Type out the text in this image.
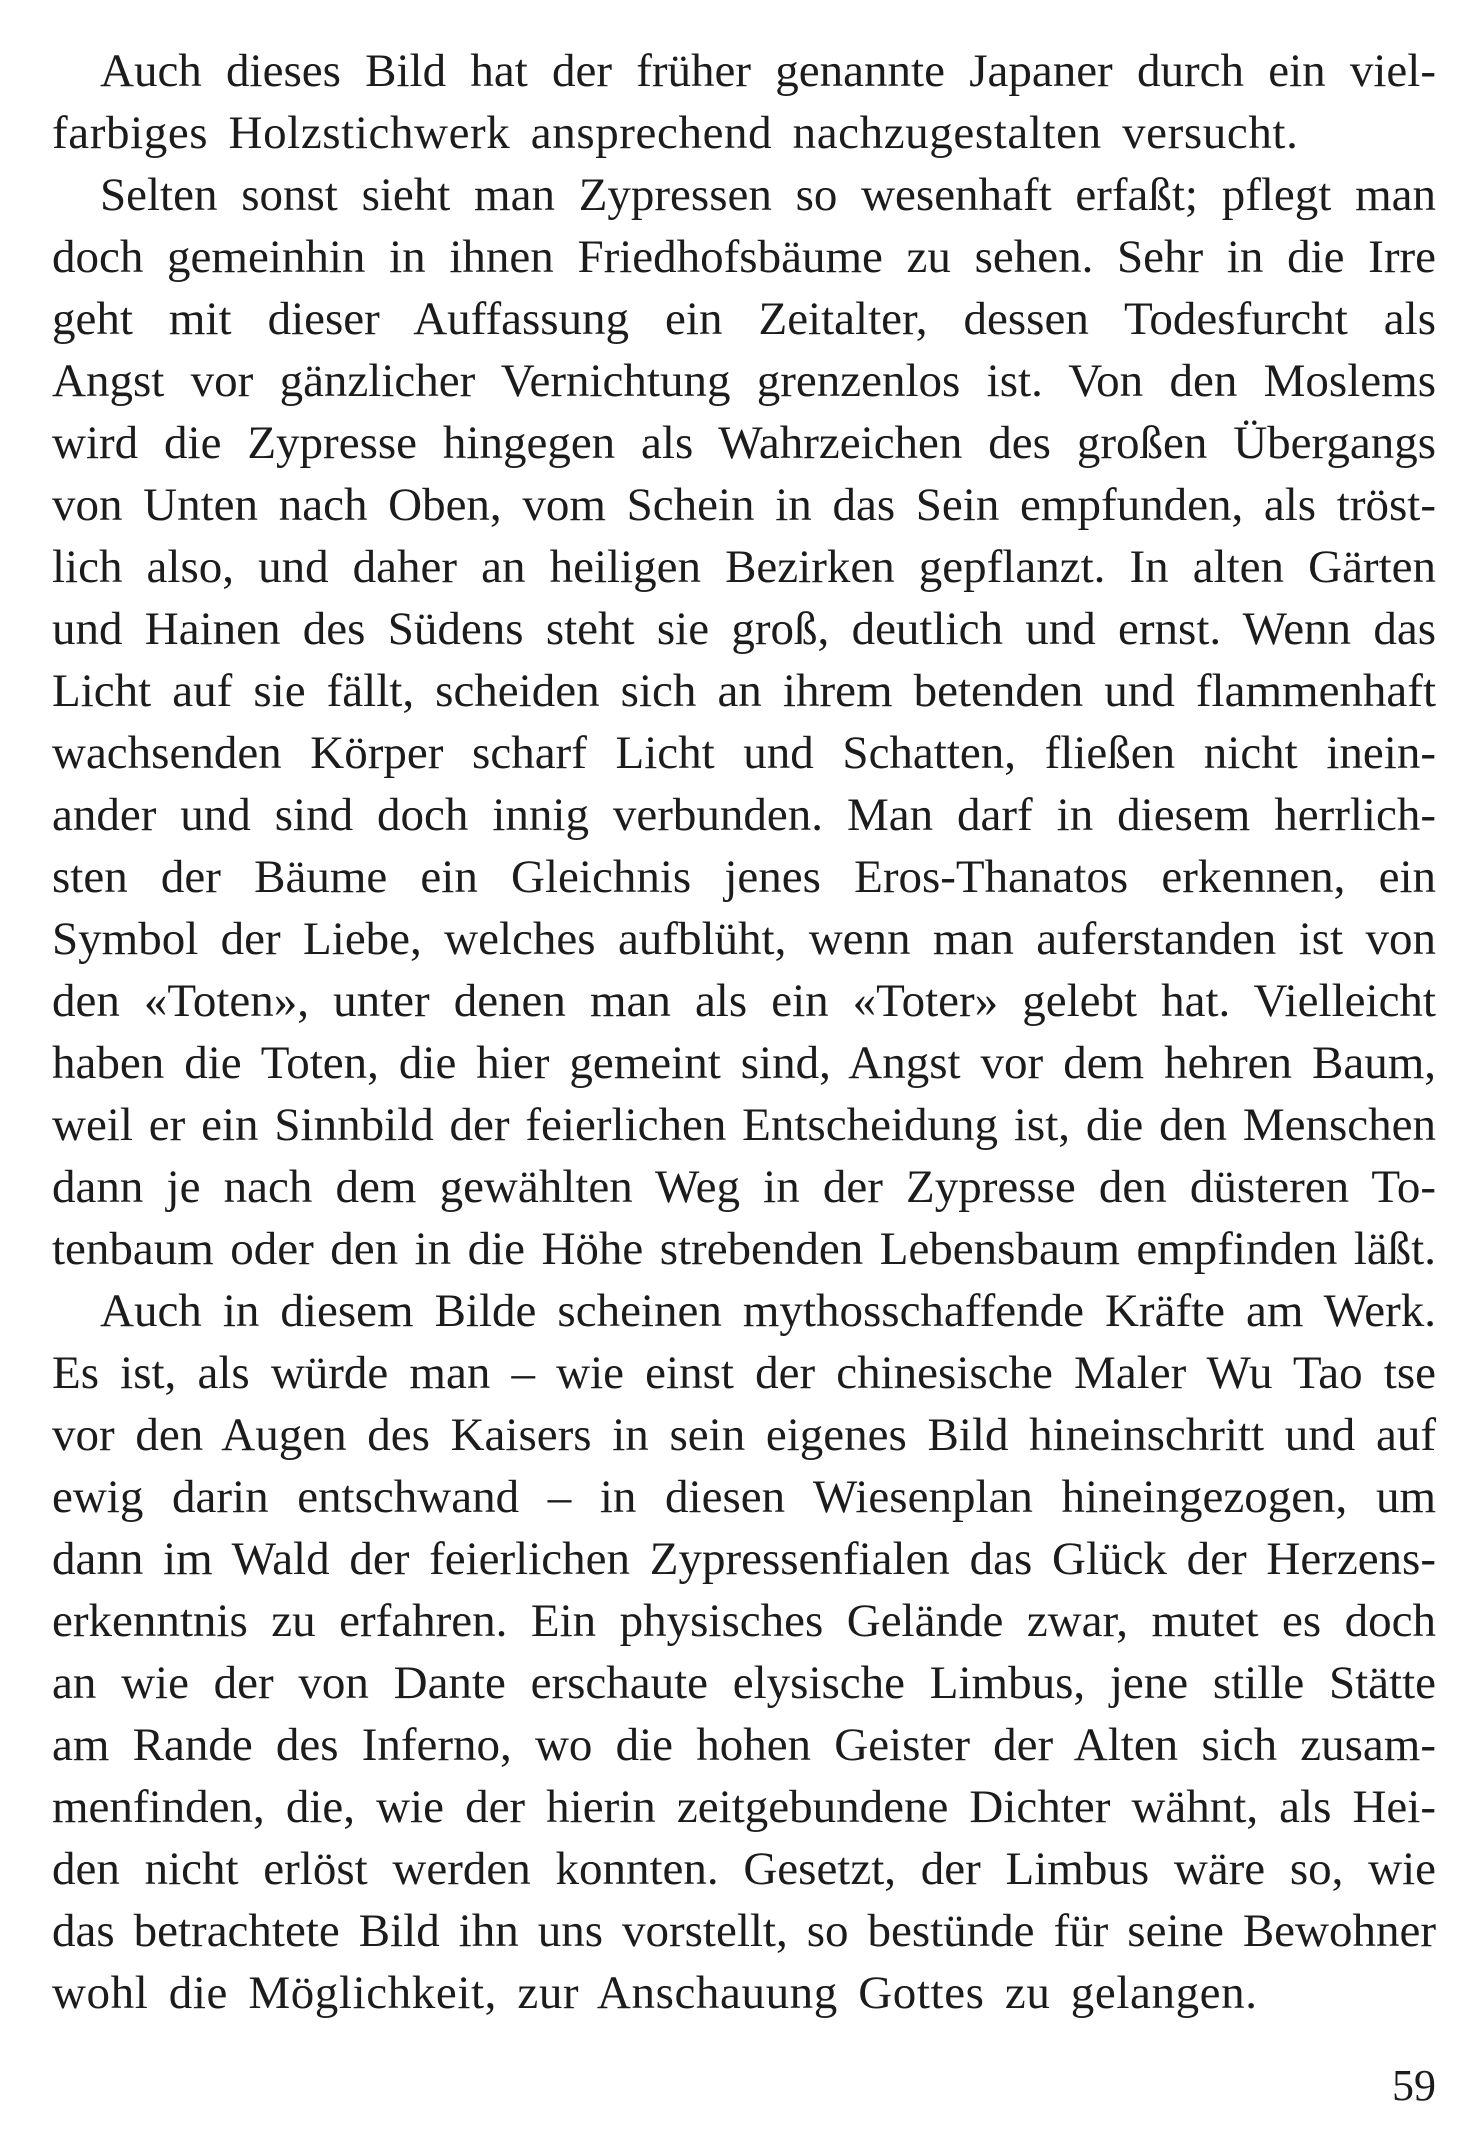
Auch dieses Bild hat der früher genannte Japaner durch ein viel-
farbiges Holzstichwerk ansprechend nachzugestalten versucht.
Selten sonst sieht man Zypressen so wesenhaft erfaßt; pflegt man
doch gemeinhin in ihnen Friedhofsbäume zu sehen. Sehr in die Irre
geht mit dieser Auffassung ein Zeitalter, dessen Todesfurcht als
Angst vor gänzlicher Vernichtung grenzenlos ist. Von den Moslems
wird die Zypresse hingegen als Wahrzeichen des großen Übergangs
von Unten nach Oben, vom Schein in das Sein empfunden, als tröst-
lich also, und daher an heiligen Bezirken gepflanzt. In alten Gärten
und Hainen des Südens steht sie groß, deutlich und ernst. Wenn das
Licht auf sie fällt, scheiden sich an ihrem betenden und flammenhaft
wachsenden Körper scharf Licht und Schatten, fließen nicht inein-
ander und sind doch innig verbunden. Man darf in diesem herrlich-
sten der Bäume ein Gleichnis jenes Eros-Thanatos erkennen, ein
Symbol der Liebe, welches aufblüht, wenn man auferstanden ist von
den «Toten», unter denen man als ein «Toter» gelebt hat. Vielleicht
haben die Toten, die hier gemeint sind, Angst vor dem hehren Baum,
weil er ein Sinnbild der feierlichen Entscheidung ist, die den Menschen
dann je nach dem gewählten Weg in der Zypresse den düsteren To-
tenbaum oder den in die Höhe strebenden Lebensbaum empfinden läßt.
Auch in diesem Bilde scheinen mythosschaffende Kräfte am Werk.
Es ist, als würde man – wie einst der chinesische Maler Wu Tao tse
vor den Augen des Kaisers in sein eigenes Bild hineinschritt und auf
ewig darin entschwand – in diesen Wiesenplan hineingezogen, um
dann im Wald der feierlichen Zypressenfialen das Glück der Herzens-
erkenntnis zu erfahren. Ein physisches Gelände zwar, mutet es doch
an wie der von Dante erschaute elysische Limbus, jene stille Stätte
am Rande des Inferno, wo die hohen Geister der Alten sich zusam-
menfinden, die, wie der hierin zeitgebundene Dichter wähnt, als Hei-
den nicht erlöst werden konnten. Gesetzt, der Limbus wäre so, wie
das betrachtete Bild ihn uns vorstellt, so bestünde für seine Bewohner
wohl die Möglichkeit, zur Anschauung Gottes zu gelangen.
59
